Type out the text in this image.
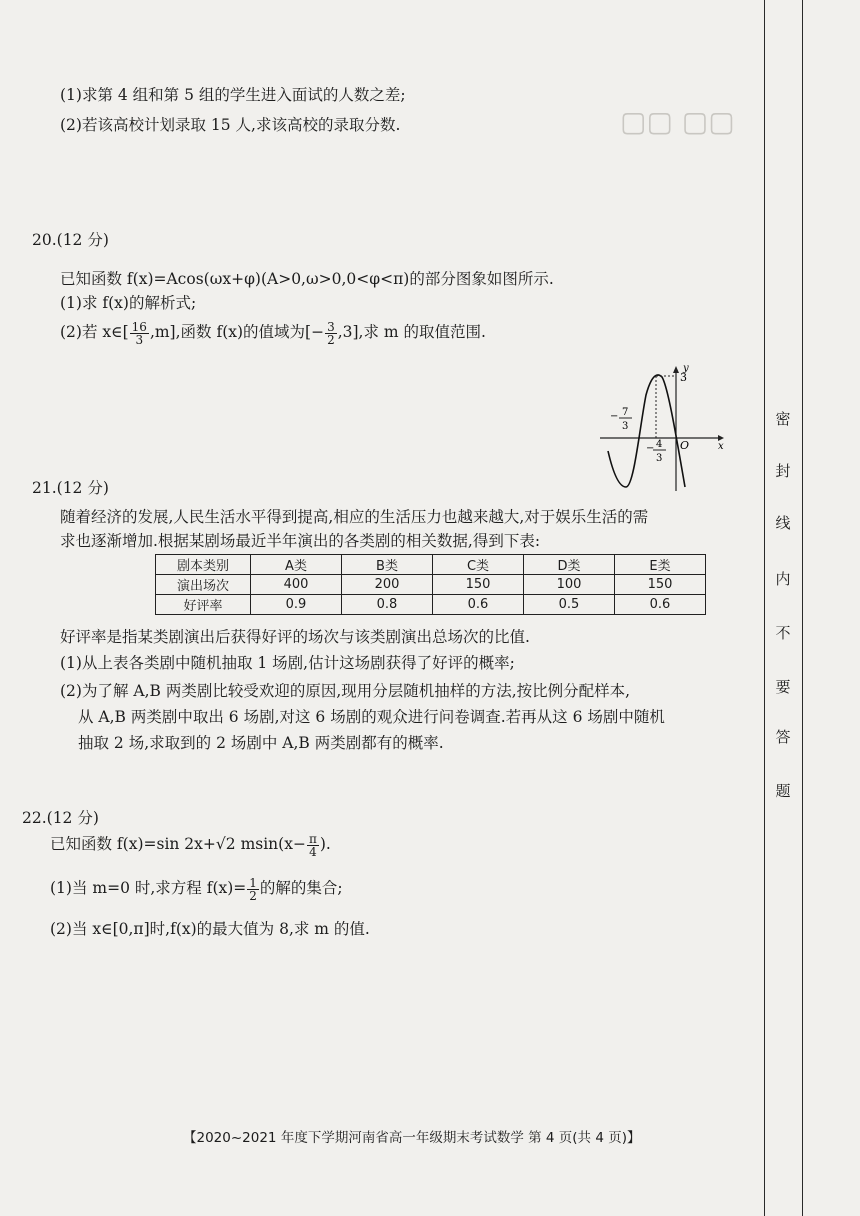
▢▢ ▢▢
(1)求第 4 组和第 5 组的学生进入面试的人数之差;
(2)若该高校计划录取 15 人,求该高校的录取分数.
20.(12 分)
已知函数 f(x)=Acos(ωx+φ)(A>0,ω>0,0<φ<π)的部分图象如图所示.
(1)求 f(x)的解析式;
(2)若 x∈[ $\frac{16}{3} ,m$],函数 f(x)的值域为[− $\frac{3}{2} ,3$],求 m 的取值范围.
3
y
x
O
− 7
3
− 4
3
21.(12 分)
随着经济的发展,人民生活水平得到提高,相应的生活压力也越来越大,对于娱乐生活的需
求也逐渐增加.根据某剧场最近半年演出的各类剧的相关数据,得到下表:
剧本类别	A类	B类	C类	D类	E类
演出场次	400	200	150	100	150
好评率	0.9	0.8	0.6	0.5	0.6
好评率是指某类剧演出后获得好评的场次与该类剧演出总场次的比值.
(1)从上表各类剧中随机抽取 1 场剧,估计这场剧获得了好评的概率;
(2)为了解 A,B 两类剧比较受欢迎的原因,现用分层随机抽样的方法,按比例分配样本,
从 A,B 两类剧中取出 6 场剧,对这 6 场剧的观众进行问卷调查.若再从这 6 场剧中随机
抽取 2 场,求取到的 2 场剧中 A,B 两类剧都有的概率.
22.(12 分)
已知函数 f(x)=sin 2x+√2 $msin(x- \frac{\pi}{4}$ ).
(1)当 m=0 时,求方程 $f(x)= \frac{1}{2}$ 的解的集合;
(2)当 x∈[0,π]时,f(x)的最大值为 8,求 m 的值.
【2020~2021 年度下学期河南省高一年级期末考试数学 第 4 页(共 4 页)】
密
封
线
内
不
要
答
题
